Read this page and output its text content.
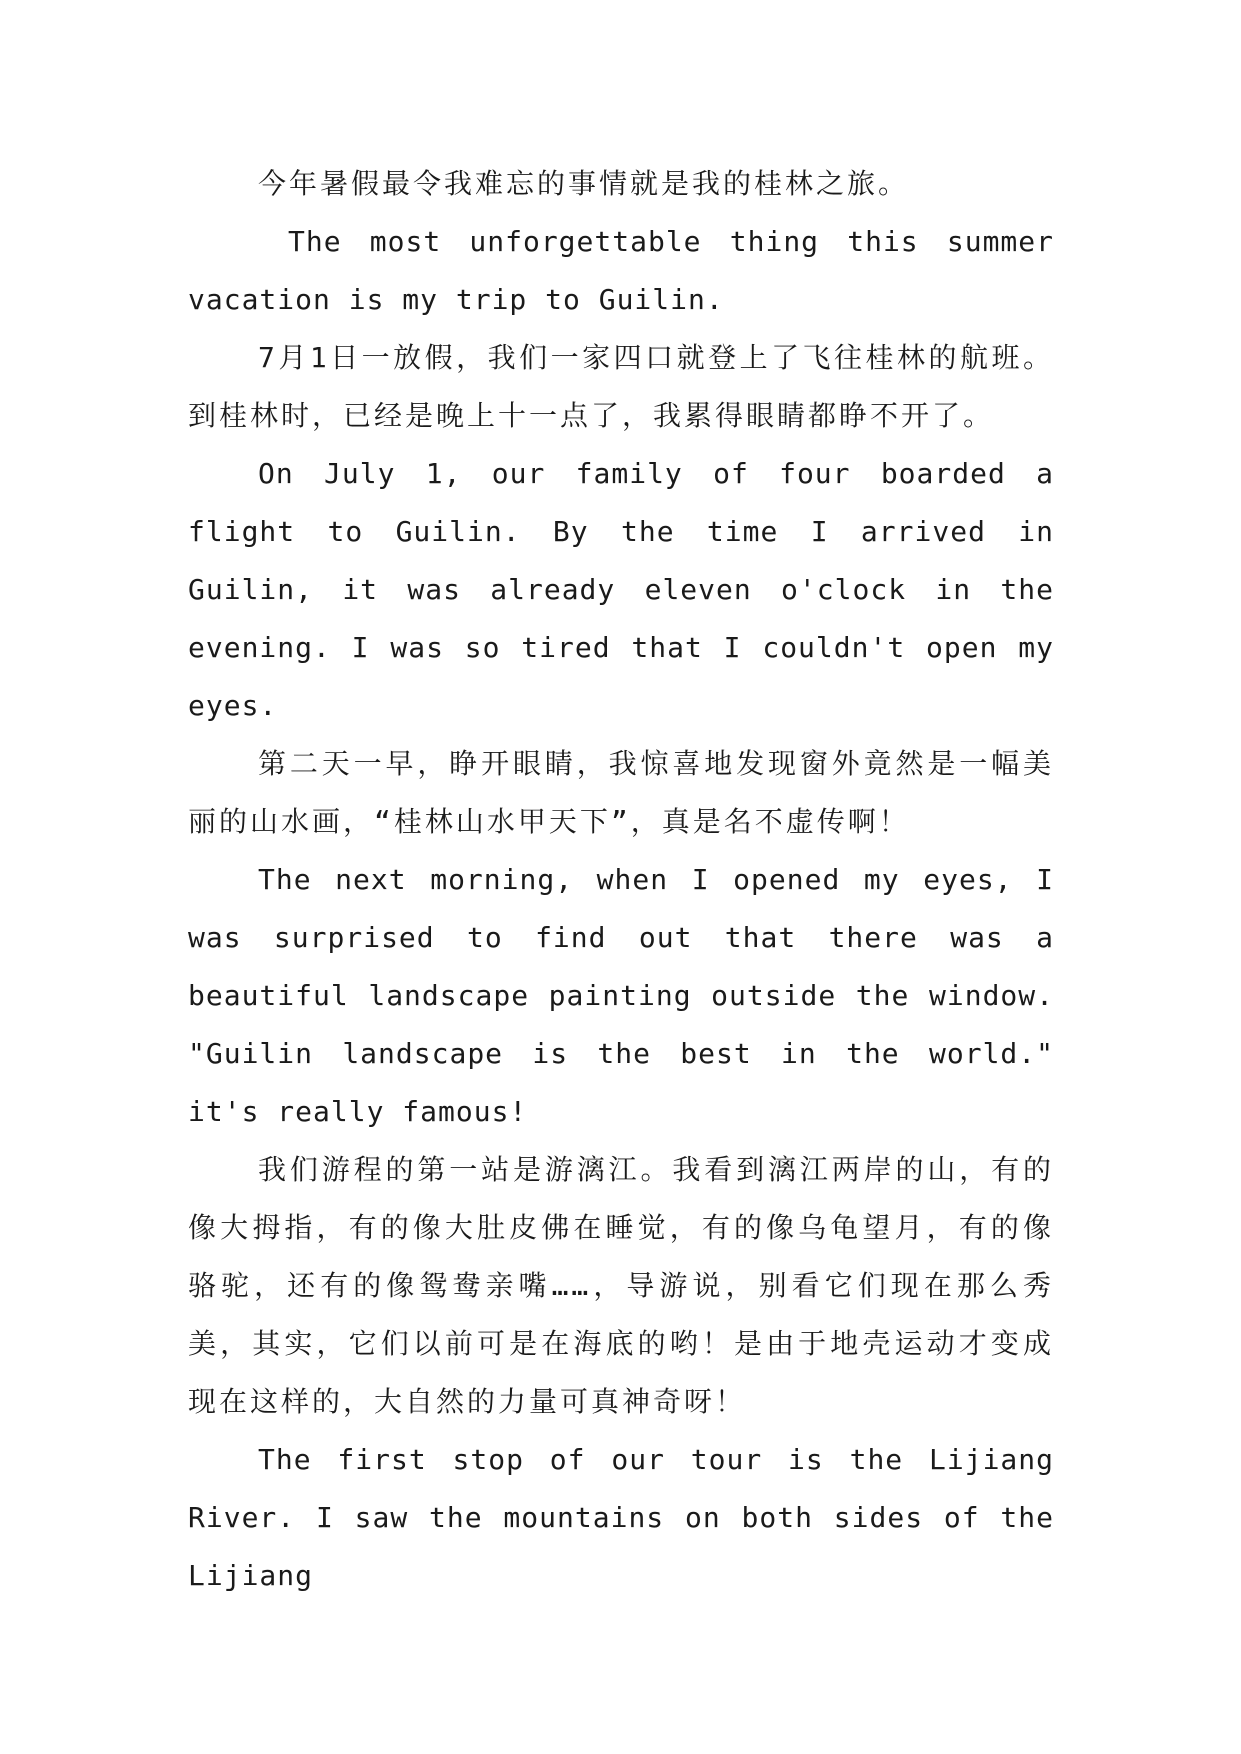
今年暑假最令我难忘的事情就是我的桂林之旅。

The most unforgettable thing this summer vacation is my trip to Guilin.

7月1日一放假，我们一家四口就登上了飞往桂林的航班。到桂林时，已经是晚上十一点了，我累得眼睛都睁不开了。

On July 1, our family of four boarded a flight to Guilin. By the time I arrived in Guilin, it was already eleven o'clock in the evening. I was so tired that I couldn't open my eyes.

第二天一早，睁开眼睛，我惊喜地发现窗外竟然是一幅美丽的山水画，“桂林山水甲天下”，真是名不虚传啊！

The next morning, when I opened my eyes, I was surprised to find out that there was a beautiful landscape painting outside the window. "Guilin landscape is the best in the world." it's really famous!

我们游程的第一站是游漓江。我看到漓江两岸的山，有的像大拇指，有的像大肚皮佛在睡觉，有的像乌龟望月，有的像骆驼，还有的像鸳鸯亲嘴……，导游说，别看它们现在那么秀美，其实，它们以前可是在海底的哟！是由于地壳运动才变成现在这样的，大自然的力量可真神奇呀！

The first stop of our tour is the Lijiang River. I saw the mountains on both sides of the Lijiang
